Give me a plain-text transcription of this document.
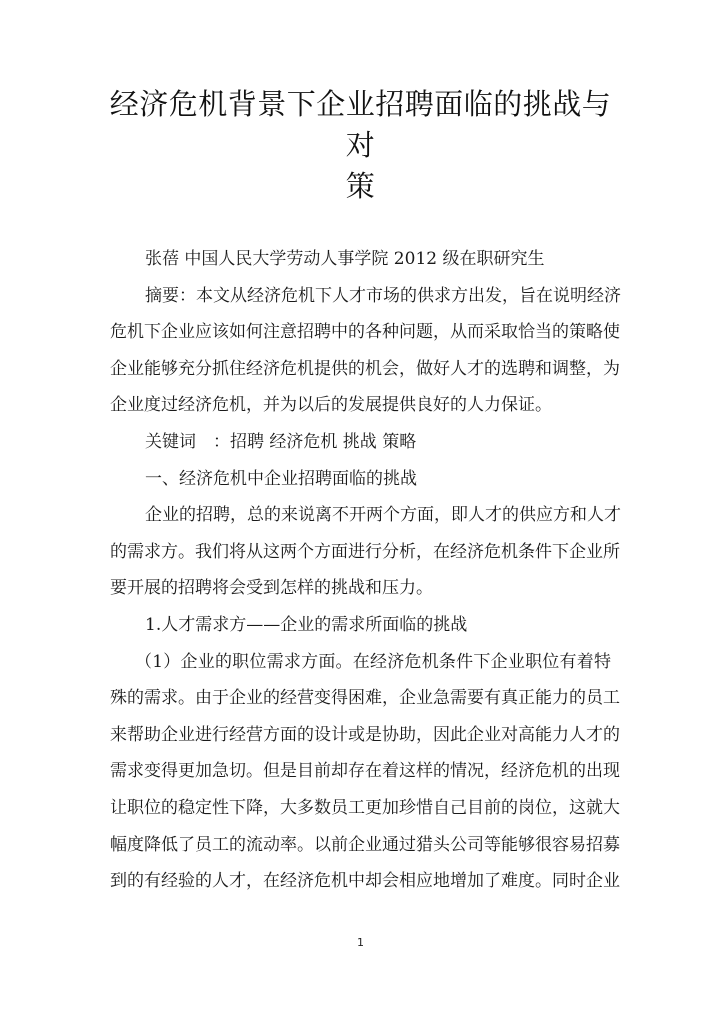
经济危机背景下企业招聘面临的挑战与对
策
张蓓 中国人民大学劳动人事学院 2012 级在职研究生
摘要：本文从经济危机下人才市场的供求方出发，旨在说明经济
危机下企业应该如何注意招聘中的各种问题，从而采取恰当的策略使
企业能够充分抓住经济危机提供的机会，做好人才的选聘和调整，为
企业度过经济危机，并为以后的发展提供良好的人力保证。
关键词　：招聘 经济危机 挑战 策略
一、经济危机中企业招聘面临的挑战
企业的招聘，总的来说离不开两个方面，即人才的供应方和人才
的需求方。我们将从这两个方面进行分析，在经济危机条件下企业所
要开展的招聘将会受到怎样的挑战和压力。
1.人才需求方——企业的需求所面临的挑战
（1）企业的职位需求方面。在经济危机条件下企业职位有着特
殊的需求。由于企业的经营变得困难，企业急需要有真正能力的员工
来帮助企业进行经营方面的设计或是协助，因此企业对高能力人才的
需求变得更加急切。但是目前却存在着这样的情况，经济危机的出现
让职位的稳定性下降，大多数员工更加珍惜自己目前的岗位，这就大
幅度降低了员工的流动率。以前企业通过猎头公司等能够很容易招募
到的有经验的人才，在经济危机中却会相应地增加了难度。同时企业
1
